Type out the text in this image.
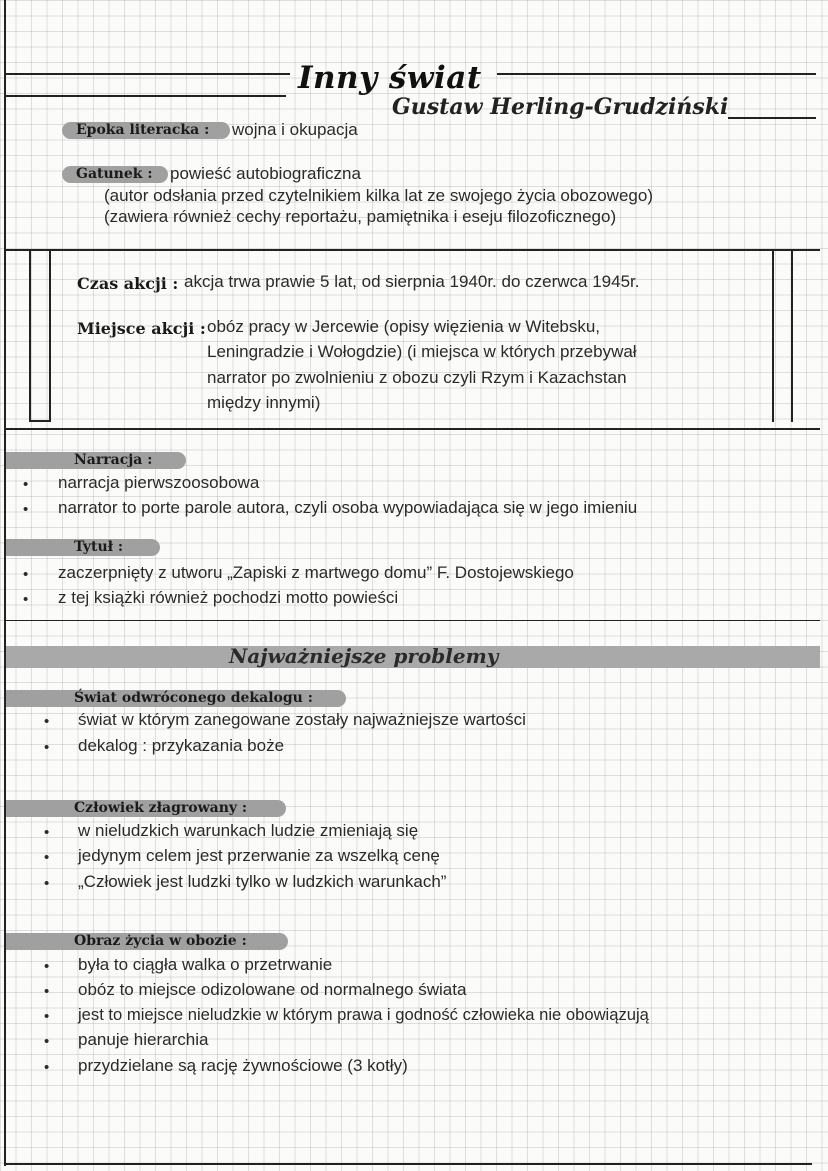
Inny świat
Gustaw Herling-Grudziński
Epoka literacka :	wojna i okupacja
Gatunek :	powieść autobiograficzna
(autor odsłania przed czytelnikiem kilka lat ze swojego życia obozowego)
(zawiera również cechy reportażu, pamiętnika i eseju filozoficznego)
Czas akcji : akcja trwa prawie 5 lat, od sierpnia 1940r. do czerwca 1945r.
Miejsce akcji : obóz pracy w Jercewie (opisy więzienia w Witebsku,
Leningradzie i Wołogdzie) (i miejsca w których przebywał
narrator po zwolnieniu z obozu czyli Rzym i Kazachstan
między innymi)
Narracja :
• narracja pierwszoosobowa
• narrator to porte parole autora, czyli osoba wypowiadająca się w jego imieniu
Tytuł :
• zaczerpnięty z utworu „Zapiski z martwego domu” F. Dostojewskiego
• z tej książki również pochodzi motto powieści
Najważniejsze problemy
Świat odwróconego dekalogu :
• świat w którym zanegowane zostały najważniejsze wartości
• dekalog : przykazania boże
Człowiek złagrowany :
• w nieludzkich warunkach ludzie zmieniają się
• jedynym celem jest przerwanie za wszelką cenę
• „Człowiek jest ludzki tylko w ludzkich warunkach”
Obraz życia w obozie :
• była to ciągła walka o przetrwanie
• obóz to miejsce odizolowane od normalnego świata
• jest to miejsce nieludzkie w którym prawa i godność człowieka nie obowiązują
• panuje hierarchia
• przydzielane są rację żywnościowe (3 kotły)
